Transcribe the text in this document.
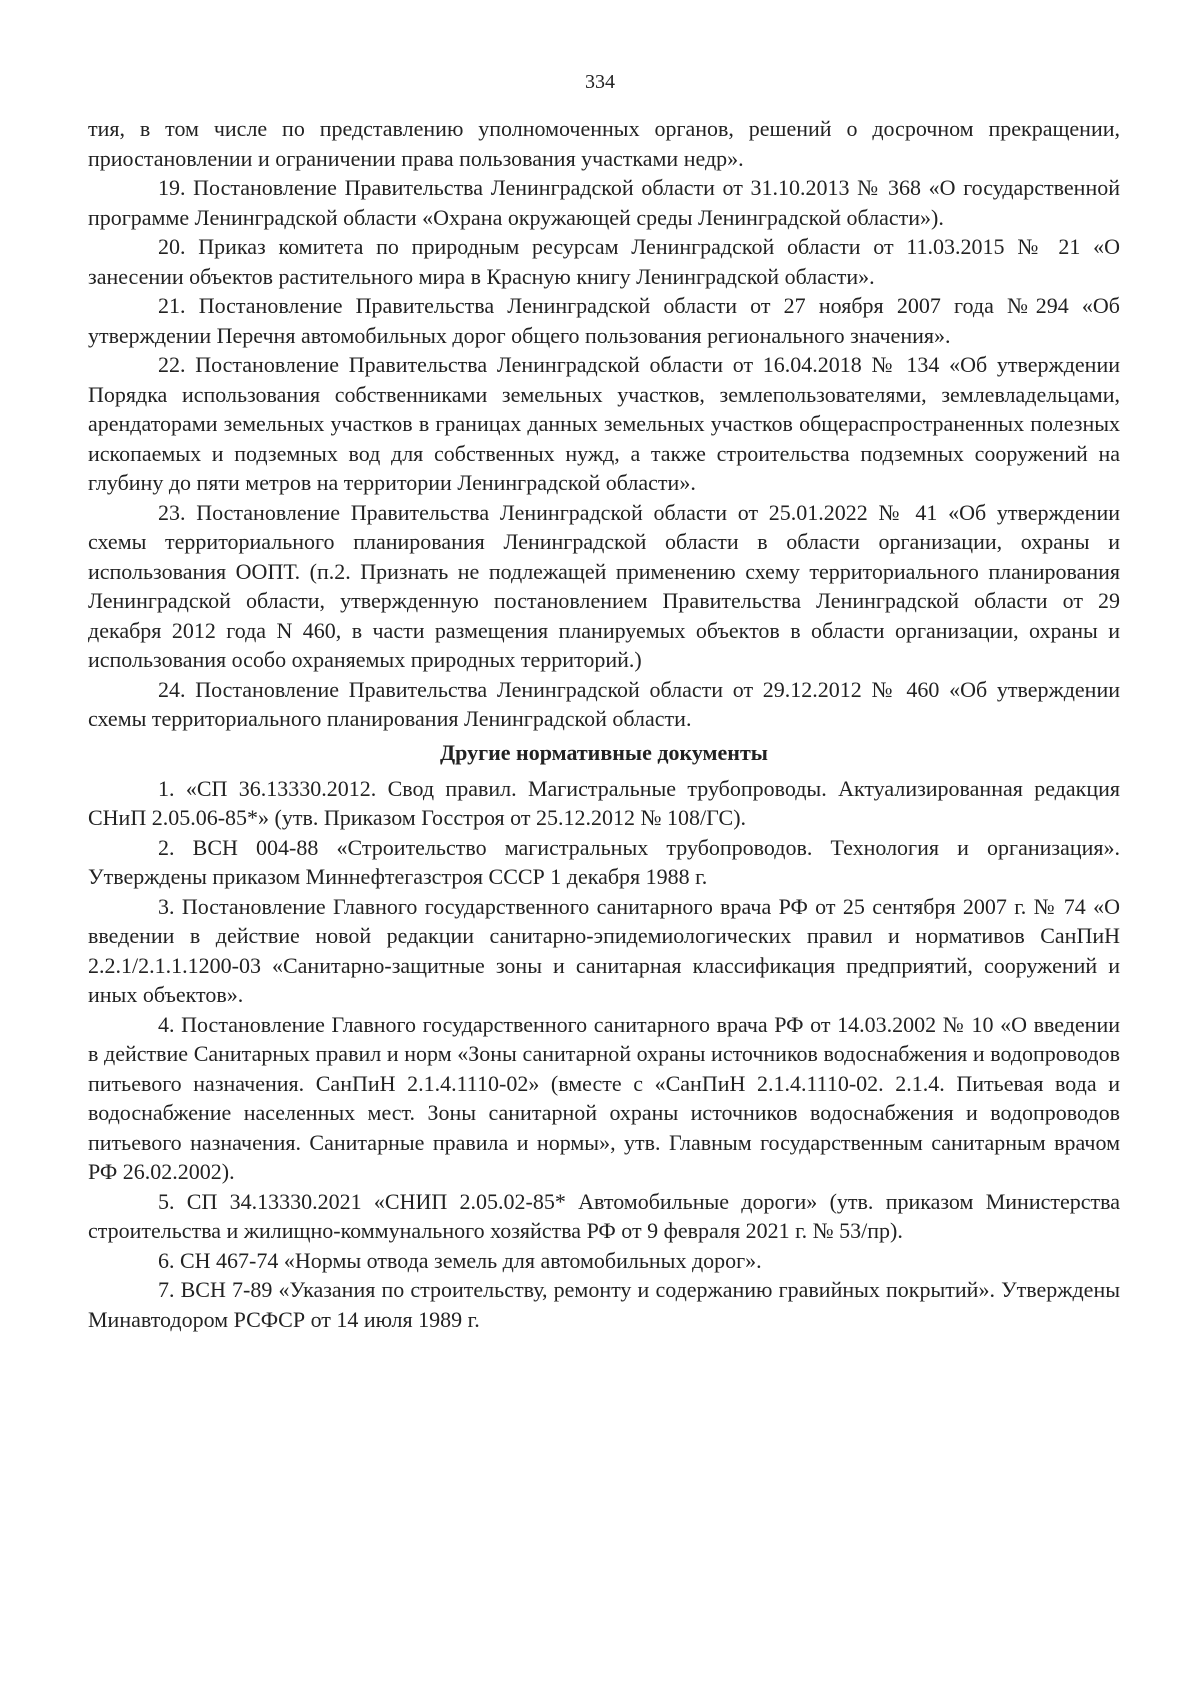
334

тия, в том числе по представлению уполномоченных органов, решений о досрочном прекращении, приостановлении и ограничении права пользования участками недр».

19. Постановление Правительства Ленинградской области от 31.10.2013 № 368 «О государственной программе Ленинградской области «Охрана окружающей среды Ленинградской области»).

20. Приказ комитета по природным ресурсам Ленинградской области от 11.03.2015 № 21 «О занесении объектов растительного мира в Красную книгу Ленинградской области».

21. Постановление Правительства Ленинградской области от 27 ноября 2007 года №294 «Об утверждении Перечня автомобильных дорог общего пользования регионального значения».

22. Постановление Правительства Ленинградской области от 16.04.2018 № 134 «Об утверждении Порядка использования собственниками земельных участков, землепользователями, землевладельцами, арендаторами земельных участков в границах данных земельных участков общераспространенных полезных ископаемых и подземных вод для собственных нужд, а также строительства подземных сооружений на глубину до пяти метров на территории Ленинградской области».

23. Постановление Правительства Ленинградской области от 25.01.2022 № 41 «Об утверждении схемы территориального планирования Ленинградской области в области организации, охраны и использования ООПТ. (п.2. Признать не подлежащей применению схему территориального планирования Ленинградской области, утвержденную постановлением Правительства Ленинградской области от 29 декабря 2012 года N 460, в части размещения планируемых объектов в области организации, охраны и использования особо охраняемых природных территорий.)

24. Постановление Правительства Ленинградской области от 29.12.2012 № 460 «Об утверждении схемы территориального планирования Ленинградской области.

Другие нормативные документы

1. «СП 36.13330.2012. Свод правил. Магистральные трубопроводы. Актуализированная редакция СНиП 2.05.06-85*» (утв. Приказом Госстроя от 25.12.2012 № 108/ГС).

2. ВСН 004-88 «Строительство магистральных трубопроводов. Технология и организация». Утверждены приказом Миннефтегазстроя СССР 1 декабря 1988 г.

3. Постановление Главного государственного санитарного врача РФ от 25 сентября 2007 г. № 74 «О введении в действие новой редакции санитарно-эпидемиологических правил и нормативов СанПиН 2.2.1/2.1.1.1200-03 «Санитарно-защитные зоны и санитарная классификация предприятий, сооружений и иных объектов».

4. Постановление Главного государственного санитарного врача РФ от 14.03.2002 № 10 «О введении в действие Санитарных правил и норм «Зоны санитарной охраны источников водоснабжения и водопроводов питьевого назначения. СанПиН 2.1.4.1110-02» (вместе с «СанПиН 2.1.4.1110-02. 2.1.4. Питьевая вода и водоснабжение населенных мест. Зоны санитарной охраны источников водоснабжения и водопроводов питьевого назначения. Санитарные правила и нормы», утв. Главным государственным санитарным врачом РФ 26.02.2002).

5. СП 34.13330.2021 «СНИП 2.05.02-85* Автомобильные дороги» (утв. приказом Министерства строительства и жилищно-коммунального хозяйства РФ от 9 февраля 2021 г. № 53/пр).

6. СН 467-74 «Нормы отвода земель для автомобильных дорог».

7. ВСН 7-89 «Указания по строительству, ремонту и содержанию гравийных покрытий». Утверждены Минавтодором РСФСР от 14 июля 1989 г.
